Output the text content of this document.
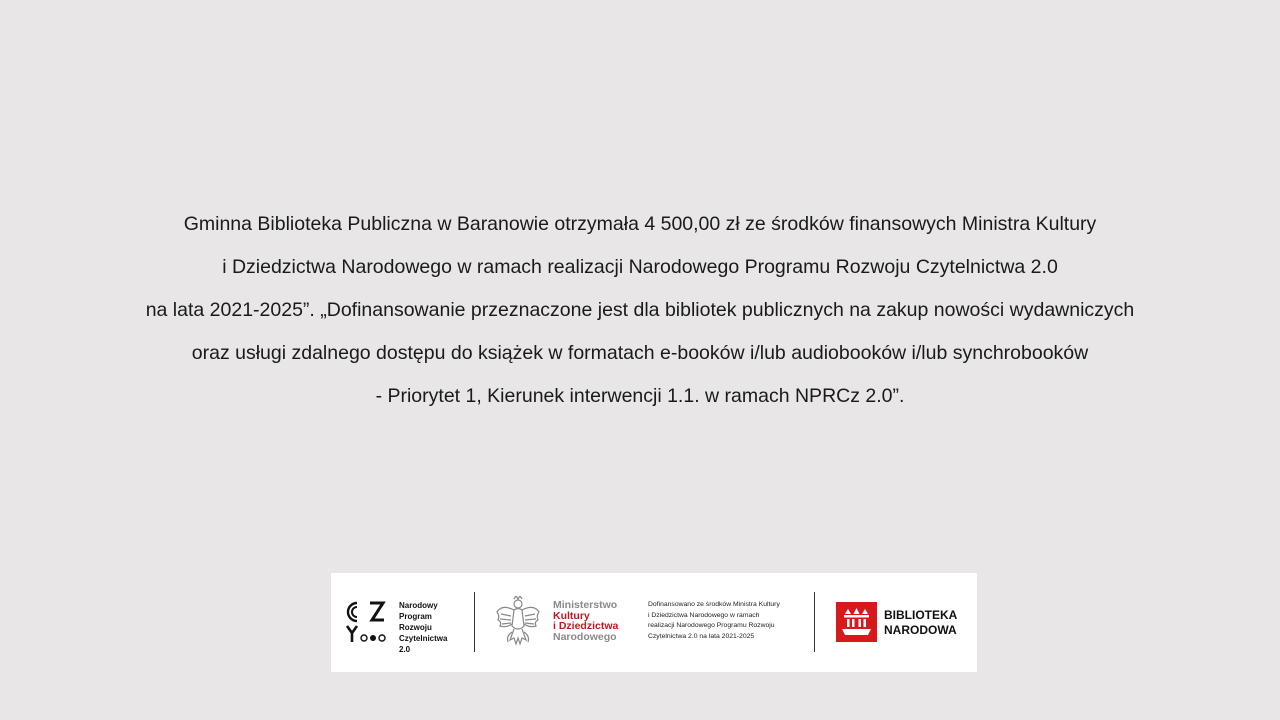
Gminna Biblioteka Publiczna w Baranowie otrzymała 4 500,00 zł ze środków finansowych Ministra Kultury
i Dziedzictwa Narodowego w ramach realizacji Narodowego Programu Rozwoju Czytelnictwa 2.0
na lata 2021-2025”. „Dofinansowanie przeznaczone jest dla bibliotek publicznych na zakup nowości wydawniczych
oraz usługi zdalnego dostępu do książek w formatach e-booków i/lub audiobooków i/lub synchrobooków
- Priorytet 1, Kierunek interwencji 1.1. w ramach NPRCz 2.0”.
Narodowy
Program
Rozwoju
Czytelnictwa
2.0
Ministerstwo
Kultury
i Dziedzictwa
Narodowego
Dofinansowano ze środków Ministra Kultury
i Dziedzictwa Narodowego w ramach
realizacji Narodowego Programu Rozwoju
Czytelnictwa 2.0 na lata 2021-2025
BIBLIOTEKA
NARODOWA
